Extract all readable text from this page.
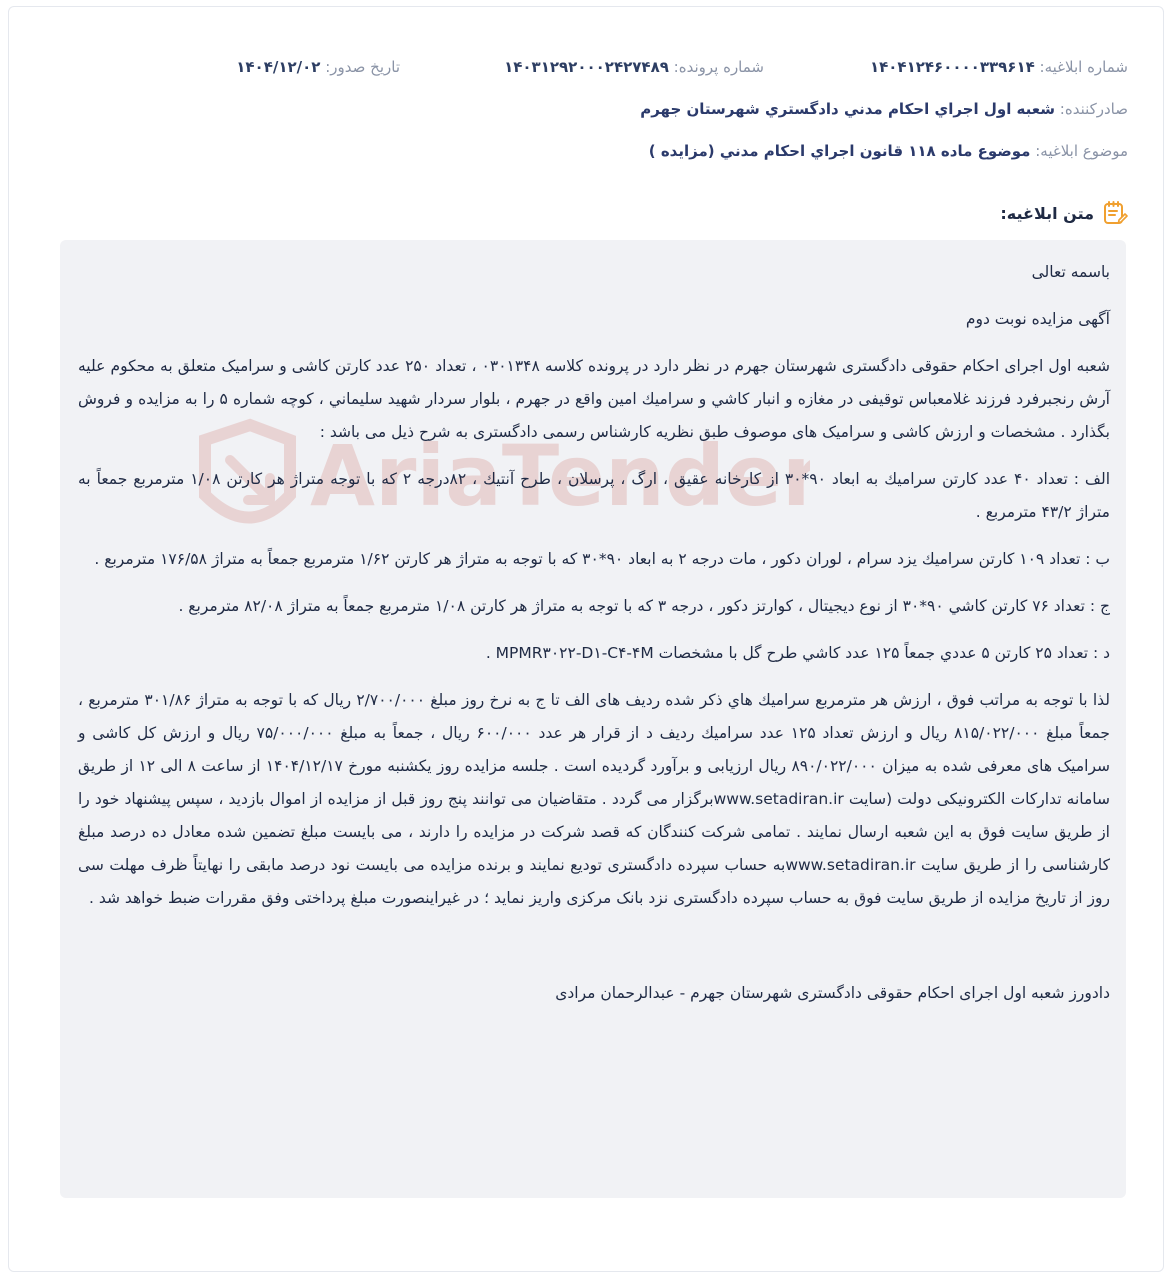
شماره ابلاغیه: ۱۴۰۴۱۲۴۶۰۰۰۰۳۳۹۶۱۴
شماره پرونده: ۱۴۰۳۱۲۹۲۰۰۰۲۴۲۷۴۸۹
تاریخ صدور: ۱۴۰۴/۱۲/۰۲
صادرکننده: شعبه اول اجراي احكام مدني دادگستري شهرستان جهرم
موضوع ابلاغیه: موضوع ماده ۱۱۸ قانون اجراي احكام مدني (مزايده )
متن ابلاغیه:

باسمه تعالی

آگهی مزایده نوبت دوم

شعبه اول اجرای احکام حقوقی دادگستری شهرستان جهرم در نظر دارد در پرونده کلاسه ۰۳۰۱۳۴۸ ، تعداد ۲۵۰ عدد کارتن کاشی و سرامیک متعلق به محکوم علیه آرش رنجبرفرد فرزند غلامعباس توقیفی در مغازه و انبار کاشي و سراميك امين واقع در جهرم ، بلوار سردار شهيد سليماني ، كوچه شماره ۵ را به مزایده و فروش بگذارد . مشخصات و ارزش کاشی و سرامیک های موصوف طبق نظریه کارشناس رسمی دادگستری به شرح ذیل می باشد :

الف : تعداد ۴۰ عدد کارتن سراميك به ابعاد ۹۰*۳۰ از کارخانه عقيق ، ارگ ، پرسلان ، طرح آنتيك ، ۸۲درجه ۲ كه با توجه متراژ هر کارتن ۱/۰۸ مترمربع جمعاً به متراژ ۴۳/۲ مترمربع .

ب : تعداد ۱۰۹ کارتن سراميك يزد سرام ، لوران دكور ، مات درجه ۲ به ابعاد ۹۰*۳۰ که با توجه به متراژ هر کارتن ۱/۶۲ مترمربع جمعاً به متراژ ۱۷۶/۵۸ مترمربع .

ج : تعداد ۷۶ کارتن كاشي ۹۰*۳۰ از نوع ديجيتال ، كوارتز دكور ، درجه ۳ که با توجه به متراژ هر کارتن ۱/۰۸ مترمربع جمعاً به متراژ ۸۲/۰۸ مترمربع .

د : تعداد ۲۵ کارتن ۵ عددي جمعاً ۱۲۵ عدد كاشي طرح گل با مشخصات MPMR۳۰۲۲-D۱-C۴-۴M .

لذا با توجه به مراتب فوق ، ارزش هر مترمربع سراميك هاي ذكر شده رديف های الف تا ج به نرخ روز مبلغ ۲/۷۰۰/۰۰۰ ريال كه با توجه به متراژ ۳۰۱/۸۶ مترمربع ، جمعاً مبلغ ۸۱۵/۰۲۲/۰۰۰ ريال و ارزش تعداد ۱۲۵ عدد سراميك رديف د از قرار هر عدد ۶۰۰/۰۰۰ ريال ، جمعاً به مبلغ ۷۵/۰۰۰/۰۰۰ ريال و ارزش کل کاشی و سرامیک های معرفی شده به میزان ۸۹۰/۰۲۲/۰۰۰ ریال ارزیابی و برآورد گردیده است . جلسه مزایده روز یکشنبه مورخ ۱۴۰۴/۱۲/۱۷ از ساعت ۸ الی ۱۲ از طریق سامانه تدارکات الکترونیکی دولت (سایت www.setadiran.irبرگزار می گردد . متقاضیان می توانند پنج روز قبل از مزایده از اموال بازدید ، سپس پیشنهاد خود را از طریق سایت فوق به این شعبه ارسال نمایند . تمامی شرکت کنندگان که قصد شرکت در مزایده را دارند ، می بایست مبلغ تضمین شده معادل ده درصد مبلغ کارشناسی را از طریق سایت www.setadiran.irبه حساب سپرده دادگستری تودیع نمایند و برنده مزایده می بایست نود درصد مابقی را نهایتاً ظرف مهلت سی روز از تاریخ مزایده از طریق سایت فوق به حساب سپرده دادگستری نزد بانک مرکزی واریز نماید ؛ در غیراینصورت مبلغ پرداختی وفق مقررات ضبط خواهد شد .

دادورز شعبه اول اجرای احکام حقوقی دادگستری شهرستان جهرم - عبدالرحمان مرادی
